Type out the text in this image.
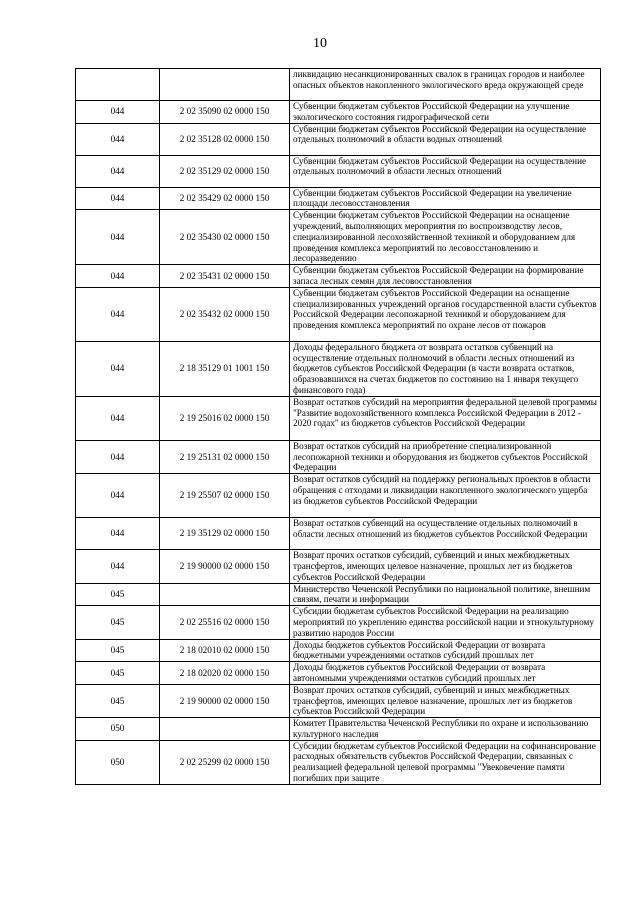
10
		ликвидацию несанкционированных свалок в границах городов и наиболее опасных объектов накопленного экологического вреда окружающей среде
044	2 02 35090 02 0000 150	Субвенции бюджетам субъектов Российской Федерации на улучшение экологического состояния гидрографической сети
044	2 02 35128 02 0000 150	Субвенции бюджетам субъектов Российской Федерации на осуществление отдельных полномочий в области водных отношений
044	2 02 35129 02 0000 150	Субвенции бюджетам субъектов Российской Федерации на осуществление отдельных полномочий в области лесных отношений
044	2 02 35429 02 0000 150	Субвенции бюджетам субъектов Российской Федерации на увеличение площади лесовосстановления
044	2 02 35430 02 0000 150	Субвенции бюджетам субъектов Российской Федерации на оснащение учреждений, выполняющих мероприятия по воспроизводству лесов, специализированной лесохозяйственной техникой и оборудованием для проведения комплекса мероприятий по лесовосстановлению и лесоразведению
044	2 02 35431 02 0000 150	Субвенции бюджетам субъектов Российской Федерации на формирование запаса лесных семян для лесовосстановления
044	2 02 35432 02 0000 150	Субвенции бюджетам субъектов Российской Федерации на оснащение специализированных учреждений органов государственной власти субъектов Российской Федерации лесопожарной техникой и оборудованием для проведения комплекса мероприятий по охране лесов от пожаров
044	2 18 35129 01 1001 150	Доходы федерального бюджета от возврата остатков субвенций на осуществление отдельных полномочий в области лесных отношений из бюджетов субъектов Российской Федерации (в части возврата остатков, образовавшихся на счетах бюджетов по состоянию на 1 января текущего финансового года)
044	2 19 25016 02 0000 150	Возврат остатков субсидий на мероприятия федеральной целевой программы "Развитие водохозяйственного комплекса Российской Федерации в 2012 - 2020 годах" из бюджетов субъектов Российской Федерации
044	2 19 25131 02 0000 150	Возврат остатков субсидий на приобретение специализированной лесопожарной техники и оборудования из бюджетов субъектов Российской Федерации
044	2 19 25507 02 0000 150	Возврат остатков субсидий на поддержку региональных проектов в области обращения с отходами и ликвидации накопленного экологического ущерба из бюджетов субъектов Российской Федерации
044	2 19 35129 02 0000 150	Возврат остатков субвенций на осуществление отдельных полномочий в области лесных отношений из бюджетов субъектов Российской Федерации
044	2 19 90000 02 0000 150	Возврат прочих остатков субсидий, субвенций и иных межбюджетных трансфертов, имеющих целевое назначение, прошлых лет из бюджетов субъектов Российской Федерации
045		Министерство Чеченской Республики по национальной политике, внешним связям, печати и информации
045	2 02 25516 02 0000 150	Субсидии бюджетам субъектов Российской Федерации на реализацию мероприятий по укреплению единства российской нации и этнокультурному развитию народов России
045	2 18 02010 02 0000 150	Доходы бюджетов субъектов Российской Федерации от возврата бюджетными учреждениями остатков субсидий прошлых лет
045	2 18 02020 02 0000 150	Доходы бюджетов субъектов Российской Федерации от возврата автономными учреждениями остатков субсидий прошлых лет
045	2 19 90000 02 0000 150	Возврат прочих остатков субсидий, субвенций и иных межбюджетных трансфертов, имеющих целевое назначение, прошлых лет из бюджетов субъектов Российской Федерации
050		Комитет Правительства Чеченской Республики по охране и использованию культурного наследия
050	2 02 25299 02 0000 150	Субсидии бюджетам субъектов Российской Федерации на софинансирование расходных обязательств субъектов Российской Федерации, связанных с реализацией федеральной целевой программы "Увековечение памяти погибших при защите
